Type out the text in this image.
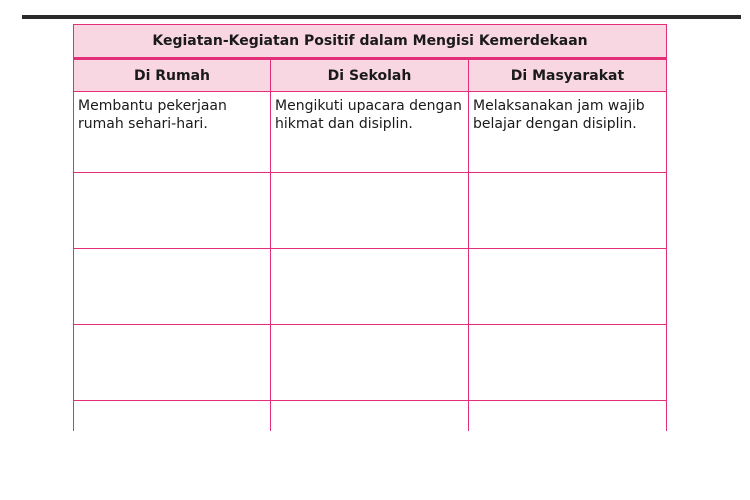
Kegiatan-Kegiatan Positif dalam Mengisi Kemerdekaan		
Di Rumah	Di Sekolah	Di Masyarakat
Membantu pekerjaan rumah sehari-hari.	Mengikuti upacara dengan hikmat dan disiplin.	Melaksanakan jam wajib belajar dengan disiplin.
